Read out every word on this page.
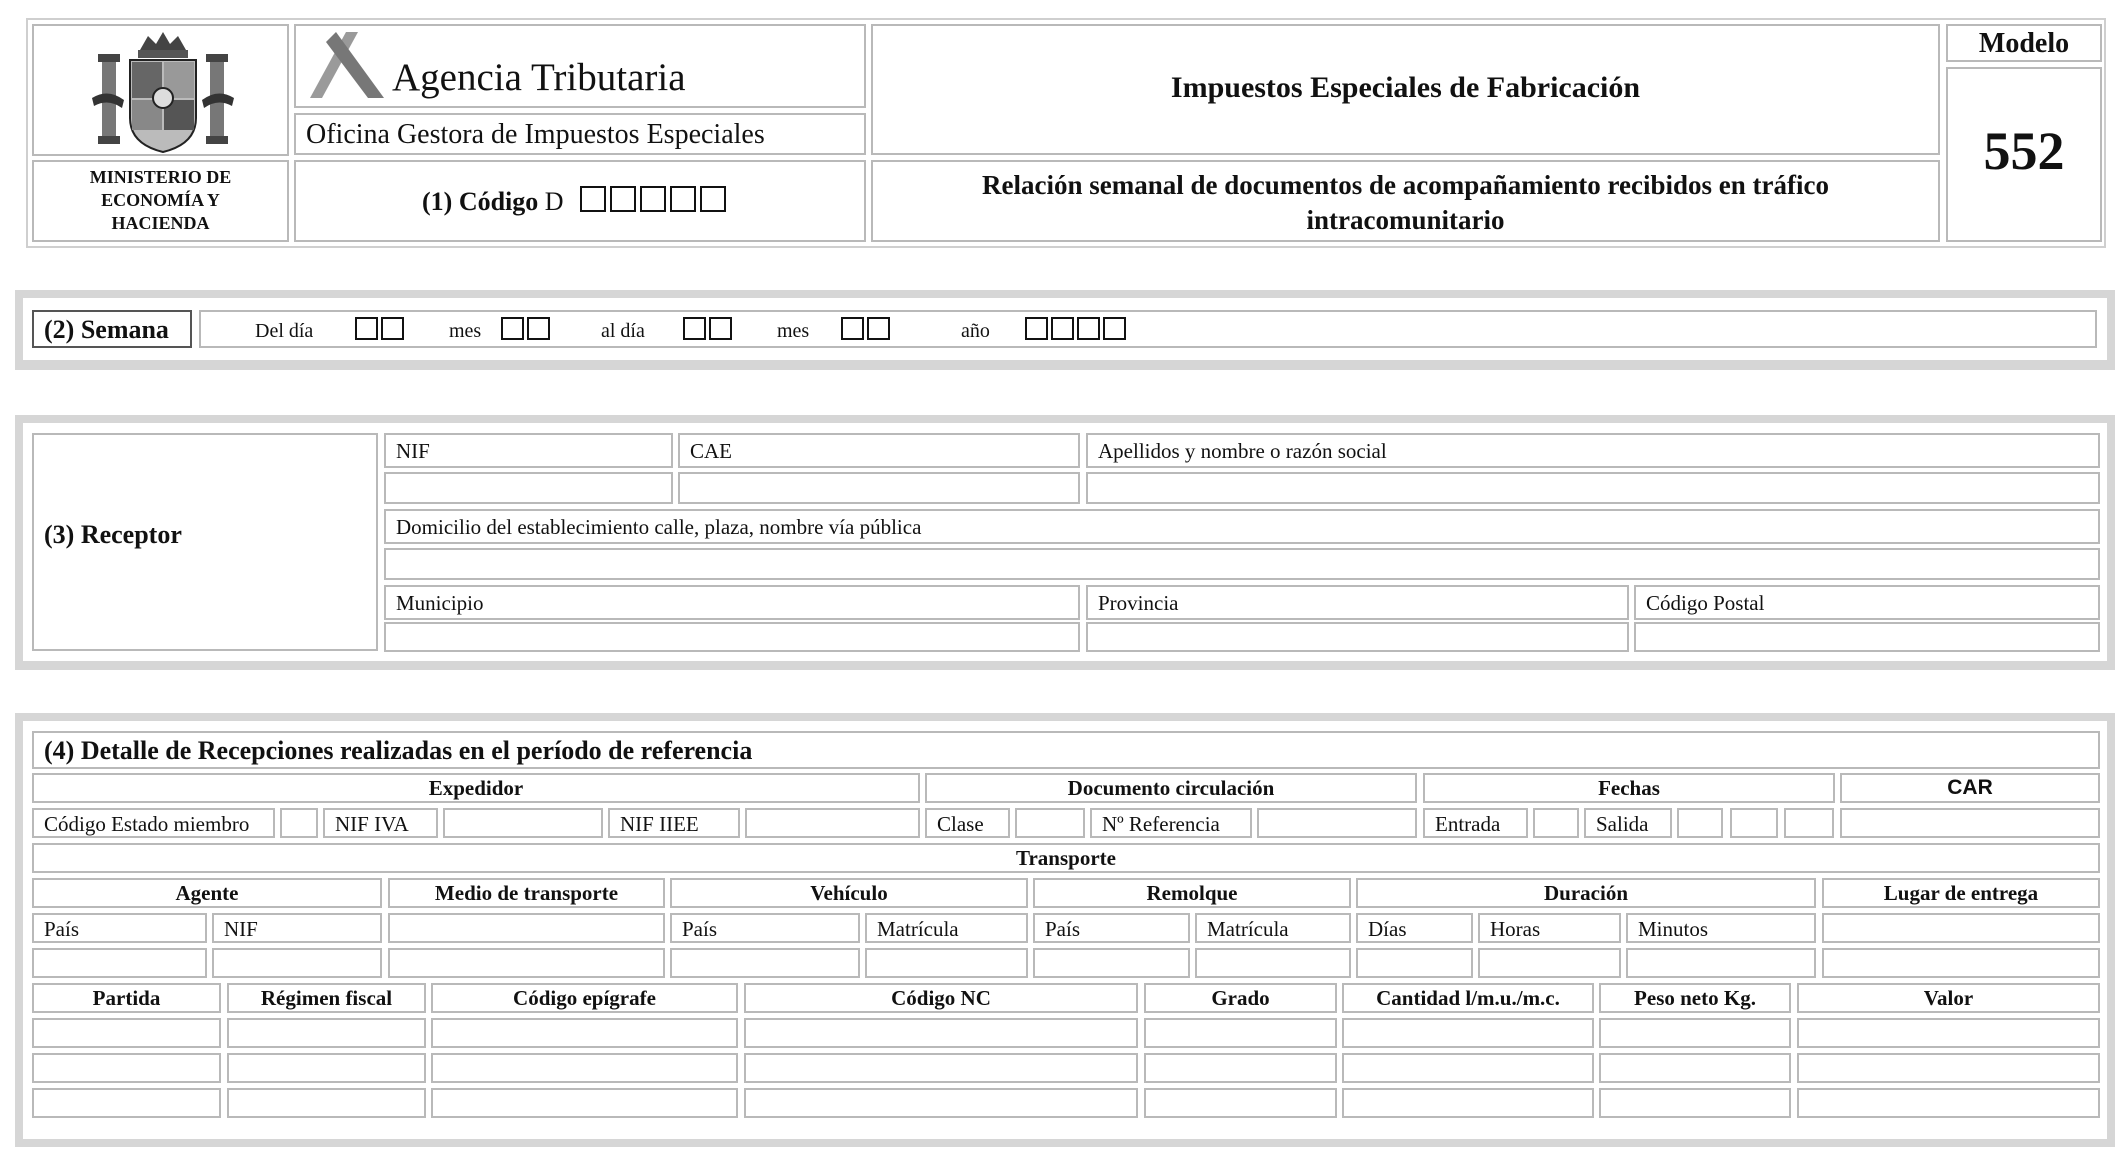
MINISTERIO DE
ECONOMÍA Y
HACIENDA
Agencia Tributaria
Oficina Gestora de Impuestos Especiales
(1) Código D
Impuestos Especiales de Fabricación
Relación semanal de documentos de acompañamiento recibidos en tráfico
intracomunitario
Modelo
552
(2) Semana	Del día	mes	al día	mes	año
(3) Receptor
NIF	CAE	Apellidos y nombre o razón social
Domicilio del establecimiento calle, plaza, nombre vía pública
Municipio	Provincia	Código Postal
(4) Detalle de Recepciones realizadas en el período de referencia
Expedidor	Documento circulación	Fechas	CAR
Código Estado miembro	NIF IVA	NIF IIEE	Clase	Nº Referencia	Entrada	Salida
Transporte
Agente	Medio de transporte	Vehículo	Remolque	Duración	Lugar de entrega
País	NIF	País	Matrícula	País	Matrícula	Días	Horas	Minutos
Partida	Régimen fiscal	Código epígrafe	Código NC	Grado	Cantidad l/m.u./m.c.	Peso neto Kg.	Valor
